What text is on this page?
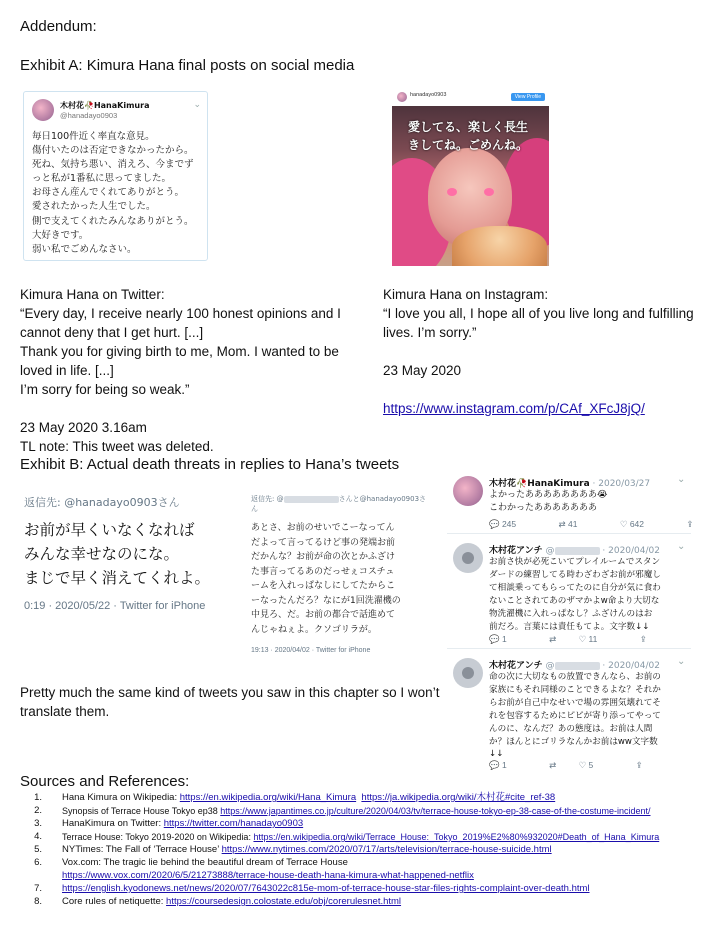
Addendum:
Exhibit A: Kimura Hana final posts on social media
木村花🥀HanaKimura
@hanadayo0903
⌄
毎日100件近く率直な意見。
傷付いたのは否定できなかったから。
死ね、気持ち悪い、消えろ、今までず
っと私が1番私に思ってました。
お母さん産んでくれてありがとう。
愛されたかった人生でした。
側で支えてくれたみんなありがとう。
大好きです。
弱い私でごめんなさい。
hanadayo0903	View Profile
愛してる、楽しく長生
きしてね。ごめんね。
Kimura Hana on Twitter:
“Every day, I receive nearly 100 honest opinions and I
cannot deny that I get hurt. [...]
Thank you for giving birth to me, Mom. I wanted to be
loved in life. [...]
I’m sorry for being so weak.”
23 May 2020 3.16am
TL note: This tweet was deleted.
Kimura Hana on Instagram:
“I love you all, I hope all of you live long and fulfilling
lives. I’m sorry.”
23 May 2020
https://www.instagram.com/p/CAf_XFcJ8jQ/
Exhibit B: Actual death threats in replies to Hana’s tweets
返信先: @hanadayo0903さん
お前が早くいなくなれば
みんな幸せなのにな。
まじで早く消えてくれよ。
0:19 · 2020/05/22 · Twitter for iPhone
返信先: @	さんと@hanadayo0903さ
ん
あとさ、お前のせいでこーなってん
だよって言ってるけど事の発端お前
だかんな？お前が命の次とかふざけ
た事言ってるあのだっせぇコスチュ
ームを入れっぱなしにしてたからこ
ーなったんだろ？なにが1回洗濯機の
中見ろ、だ。お前の都合で話進めて
んじゃねぇよ。クソゴリラが。
19:13 · 2020/04/02 · Twitter for iPhone
木村花🥀HanaKimura · 2020/03/27	⌄
よかったああああああああ😭
こわかったあああああああ
💬 245	⇄ 41	♡ 642	⇪
木村花アンチ @	· 2020/04/02 ⌄
お前さ快が必死こいてプレイルームでスタン
ダードの練習してる時わざわざお前が邪魔し
て相談乗ってもらってたのに自分が気に食わ
ないことされてあのザマかよw命より大切な
物洗濯機に入れっぱなし？ふざけんのはお
前だろ。言葉には責任もてよ。文字数↓↓
💬 1	⇄	♡ 11	⇪
木村花アンチ @	· 2020/04/02 ⌄
命の次に大切なもの放置できんなら、お前の
家族にもそれ同様のことできるよな？それか
らお前が自己中なせいで場の雰囲気壊れてそ
れを包容するためにピピが寄り添ってやって
んのに、なんだ？あの態度は。お前は人間
か？ほんとにゴリラなんかお前はww文字数
↓↓
💬 1	⇄	♡ 5	⇪
Pretty much the same kind of tweets you saw in this chapter so I won’t
translate them.
Sources and References:
1. Hana Kimura on Wikipedia: https://en.wikipedia.org/wiki/Hana_Kimura https://ja.wikipedia.org/wiki/木村花#cite_ref-38
2. Synopsis of Terrace House Tokyo ep38 https://www.japantimes.co.jp/culture/2020/04/03/tv/terrace-house-tokyo-ep-38-case-of-the-costume-incident/
3. HanaKimura on Twitter: https://twitter.com/hanadayo0903
4. Terrace House: Tokyo 2019-2020 on Wikipedia: https://en.wikipedia.org/wiki/Terrace_House:_Tokyo_2019%E2%80%932020#Death_of_Hana_Kimura
5. NYTimes: The Fall of ‘Terrace House’ https://www.nytimes.com/2020/07/17/arts/television/terrace-house-suicide.html
6. Vox.com: The tragic lie behind the beautiful dream of Terrace House
https://www.vox.com/2020/6/5/21273888/terrace-house-death-hana-kimura-what-happened-netflix
7. https://english.kyodonews.net/news/2020/07/7643022c815e-mom-of-terrace-house-star-files-rights-complaint-over-death.html
8. Core rules of netiquette: https://coursedesign.colostate.edu/obj/corerulesnet.html
